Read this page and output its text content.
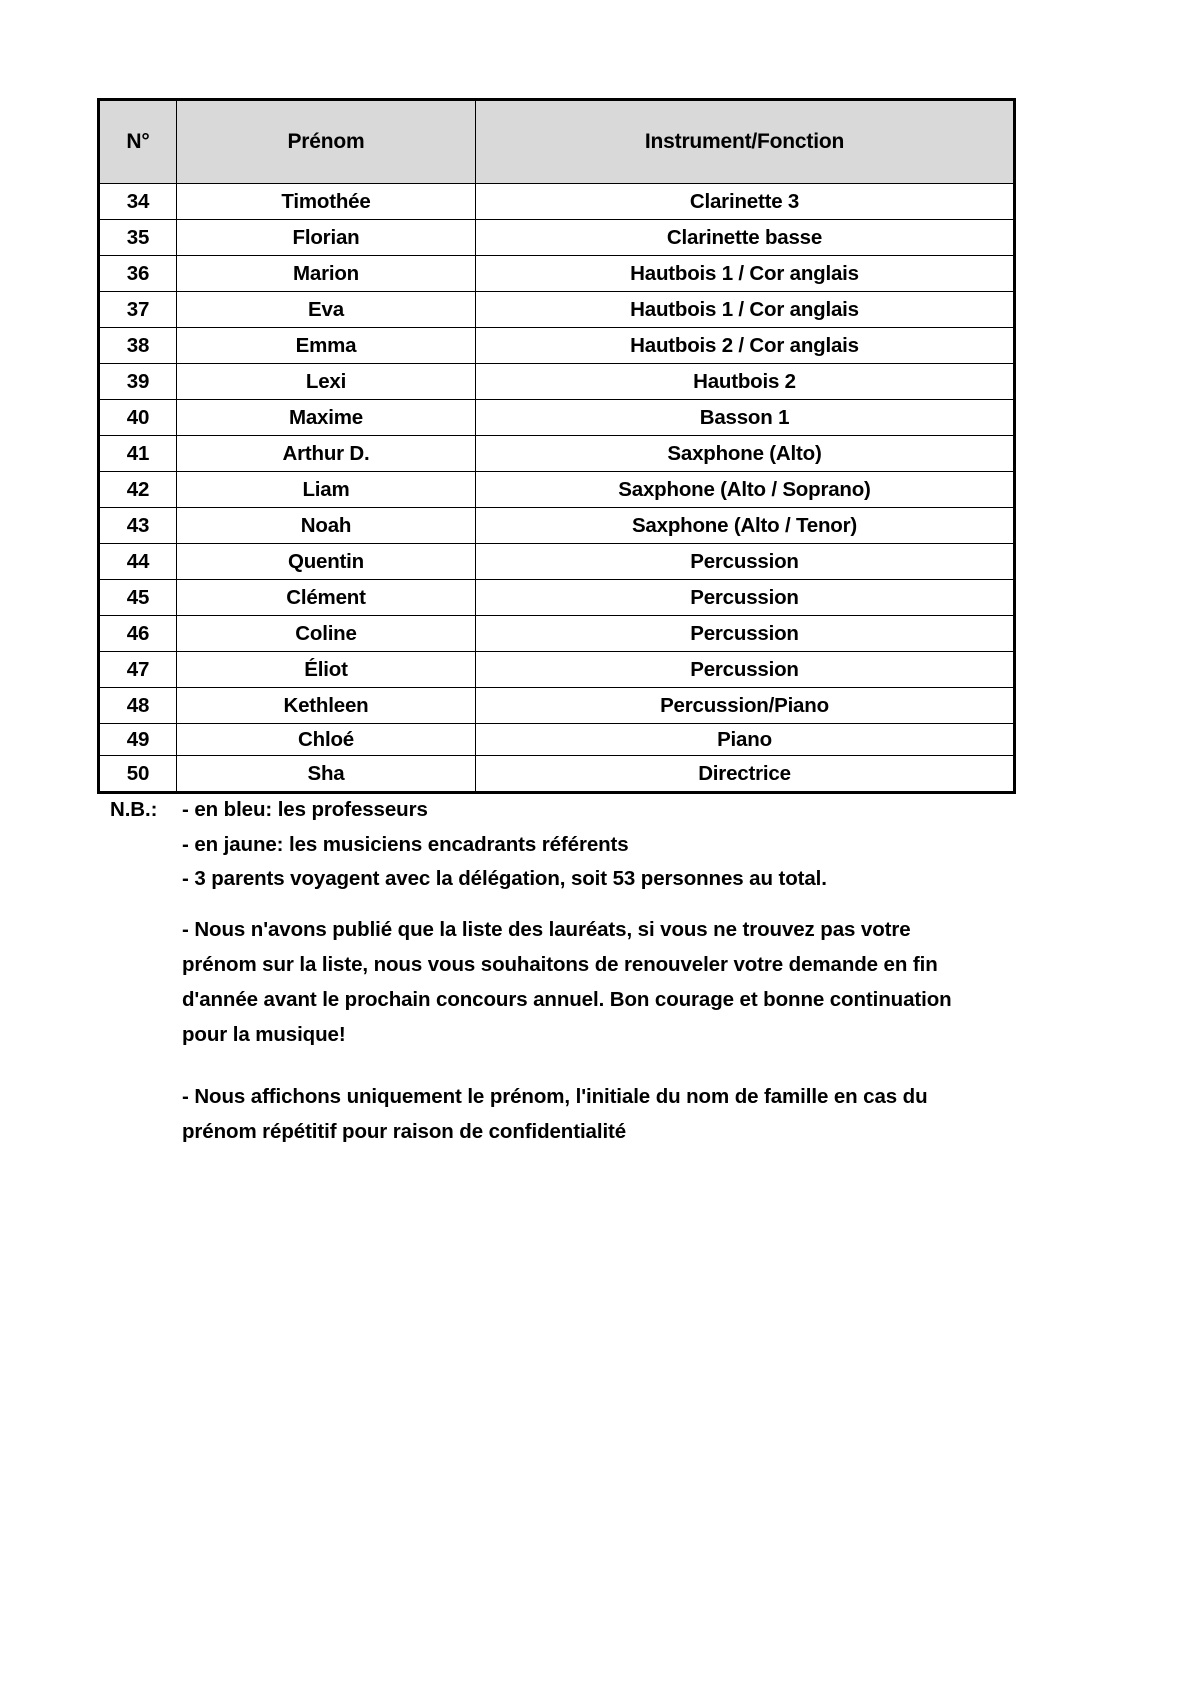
N°	Prénom	Instrument/Fonction
34	Timothée	Clarinette 3
35	Florian	Clarinette basse
36	Marion	Hautbois 1 / Cor anglais
37	Eva	Hautbois 1 / Cor anglais
38	Emma	Hautbois 2 / Cor anglais
39	Lexi	Hautbois 2
40	Maxime	Basson 1
41	Arthur D.	Saxphone (Alto)
42	Liam	Saxphone (Alto / Soprano)
43	Noah	Saxphone (Alto / Tenor)
44	Quentin	Percussion
45	Clément	Percussion
46	Coline	Percussion
47	Éliot	Percussion
48	Kethleen	Percussion/Piano
49	Chloé	Piano
50	Sha	Directrice
N.B.:	- en bleu: les professeurs
- en jaune: les musiciens encadrants référents
- 3 parents voyagent avec la délégation, soit 53 personnes au total.
- Nous n'avons publié que la liste des lauréats, si vous ne trouvez pas votre prénom sur la liste, nous vous souhaitons de renouveler votre demande en fin d'année avant le prochain concours annuel. Bon courage et bonne continuation pour la musique!
- Nous affichons uniquement le prénom, l'initiale du nom de famille en cas du prénom répétitif pour raison de confidentialité
